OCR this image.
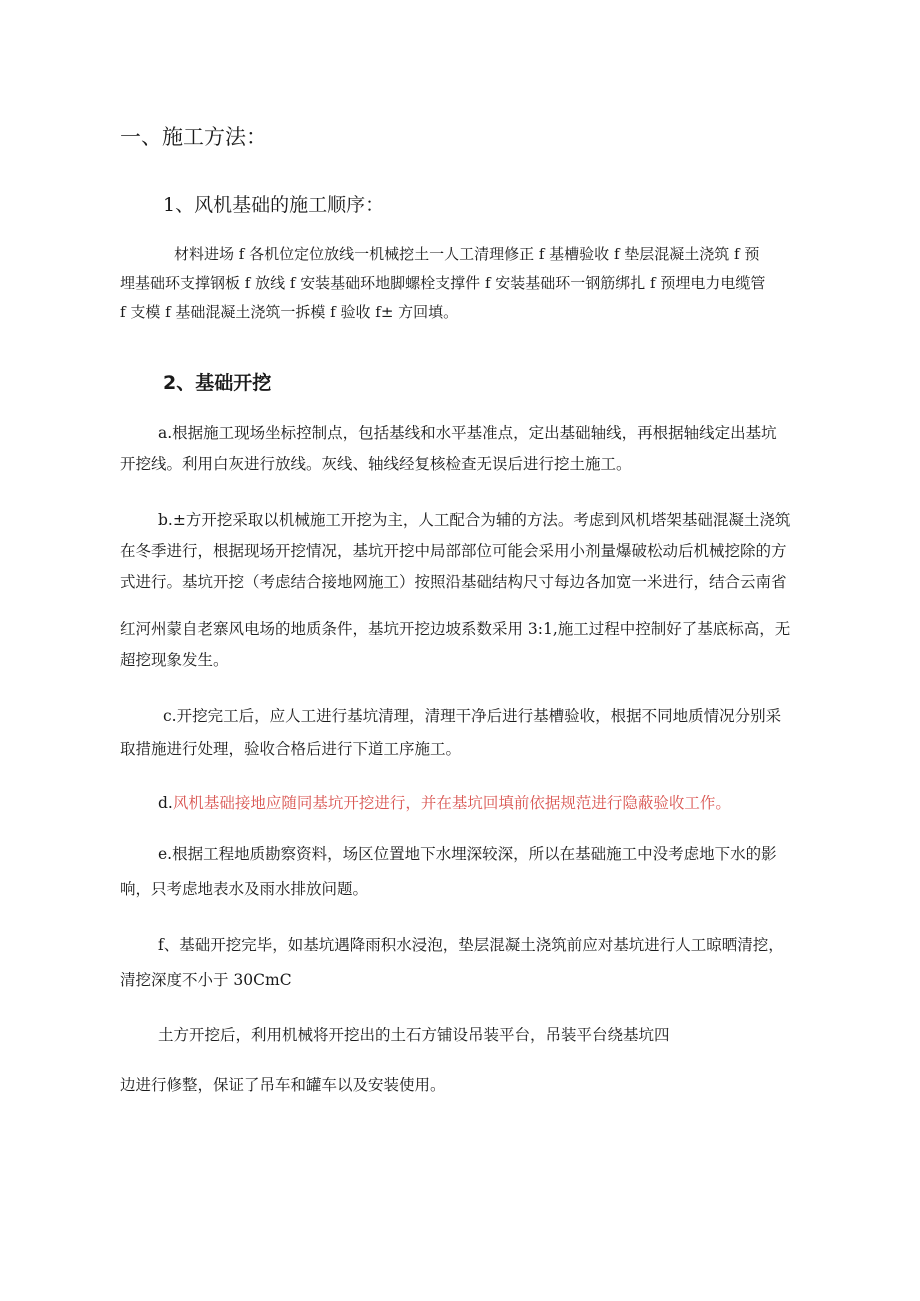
一、施工方法：
1、风机基础的施工顺序：
材料进场 f 各机位定位放线一机械挖土一人工清理修正 f 基槽验收 f 垫层混凝土浇筑 f 预
埋基础环支撑钢板 f 放线 f 安装基础环地脚螺栓支撑件 f 安装基础环一钢筋绑扎 f 预埋电力电缆管
f 支模 f 基础混凝土浇筑一拆模 f 验收 f± 方回填。
2、基础开挖
a.根据施工现场坐标控制点，包括基线和水平基准点，定出基础轴线，再根据轴线定出基坑
开挖线。利用白灰进行放线。灰线、轴线经复核检查无误后进行挖土施工。
b.±方开挖采取以机械施工开挖为主，人工配合为辅的方法。考虑到风机塔架基础混凝土浇筑
在冬季进行，根据现场开挖情况，基坑开挖中局部部位可能会采用小剂量爆破松动后机械挖除的方
式进行。基坑开挖（考虑结合接地网施工）按照沿基础结构尺寸每边各加宽一米进行，结合云南省
红河州蒙自老寨风电场的地质条件，基坑开挖边坡系数采用 3:1,施工过程中控制好了基底标高，无
超挖现象发生。
c.开挖完工后，应人工进行基坑清理，清理干净后进行基槽验收，根据不同地质情况分别采
取措施进行处理，验收合格后进行下道工序施工。
d.风机基础接地应随同基坑开挖进行，并在基坑回填前依据规范进行隐蔽验收工作。
e.根据工程地质勘察资料，场区位置地下水埋深较深，所以在基础施工中没考虑地下水的影
响，只考虑地表水及雨水排放问题。
f、基础开挖完毕，如基坑遇降雨积水浸泡，垫层混凝土浇筑前应对基坑进行人工晾晒清挖，
清挖深度不小于 30CmC
土方开挖后，利用机械将开挖出的土石方铺设吊装平台，吊装平台绕基坑四
边进行修整，保证了吊车和罐车以及安装使用。
